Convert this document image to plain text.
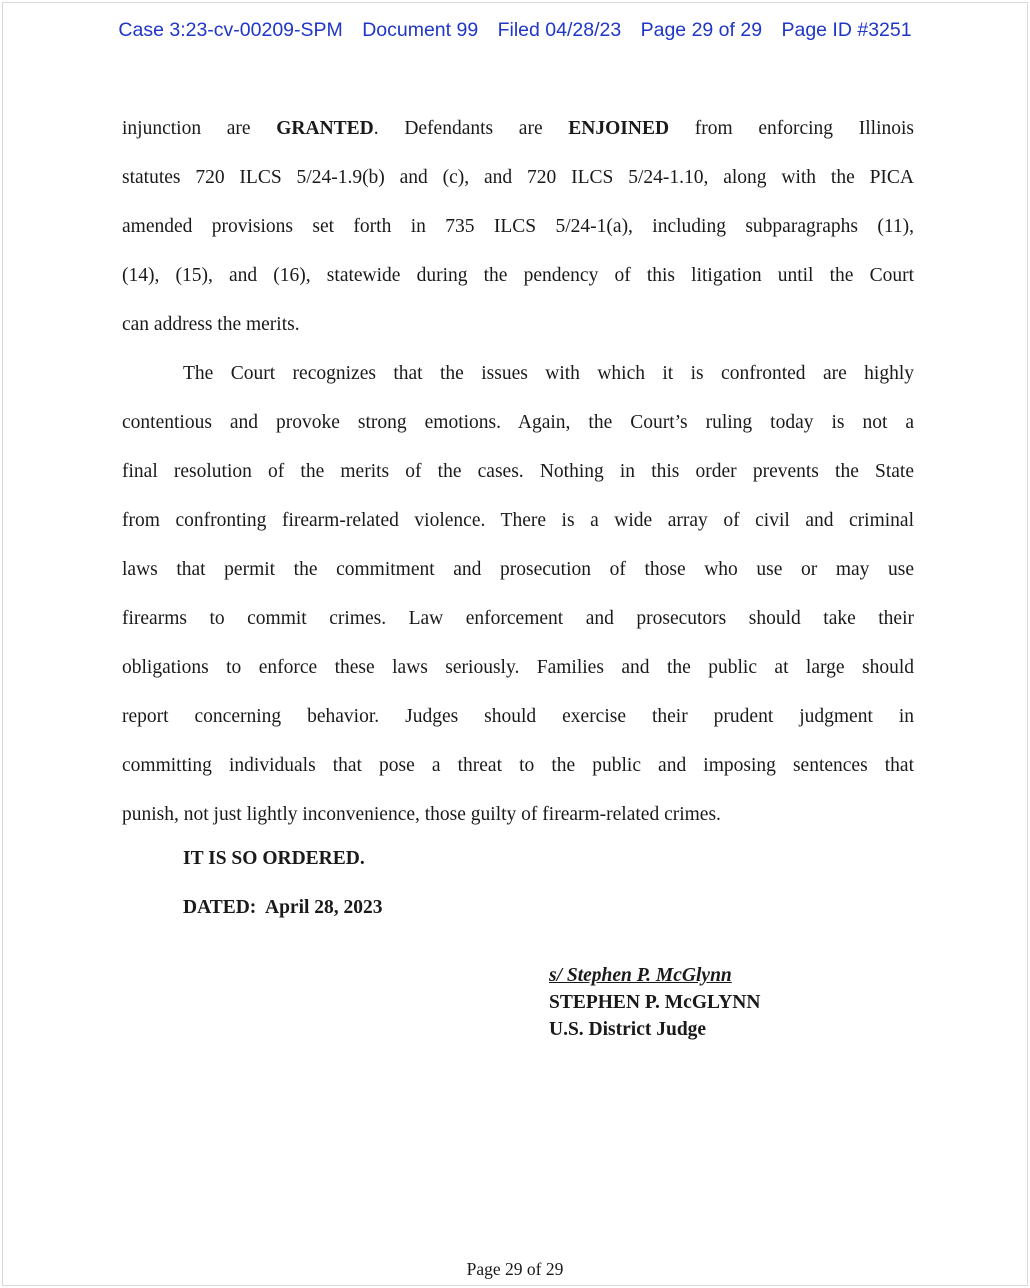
Case 3:23-cv-00209-SPM Document 99 Filed 04/28/23 Page 29 of 29 Page ID #3251
injunction are GRANTED. Defendants are ENJOINED from enforcing Illinois
statutes 720 ILCS 5/24-1.9(b) and (c), and 720 ILCS 5/24-1.10, along with the PICA
amended provisions set forth in 735 ILCS 5/24-1(a), including subparagraphs (11),
(14), (15), and (16), statewide during the pendency of this litigation until the Court
can address the merits.
The Court recognizes that the issues with which it is confronted are highly
contentious and provoke strong emotions. Again, the Court’s ruling today is not a
final resolution of the merits of the cases. Nothing in this order prevents the State
from confronting firearm-related violence. There is a wide array of civil and criminal
laws that permit the commitment and prosecution of those who use or may use
firearms to commit crimes. Law enforcement and prosecutors should take their
obligations to enforce these laws seriously. Families and the public at large should
report concerning behavior. Judges should exercise their prudent judgment in
committing individuals that pose a threat to the public and imposing sentences that
punish, not just lightly inconvenience, those guilty of firearm-related crimes.
IT IS SO ORDERED.
DATED: April 28, 2023
s/ Stephen P. McGlynn
STEPHEN P. McGLYNN
U.S. District Judge
Page 29 of 29
